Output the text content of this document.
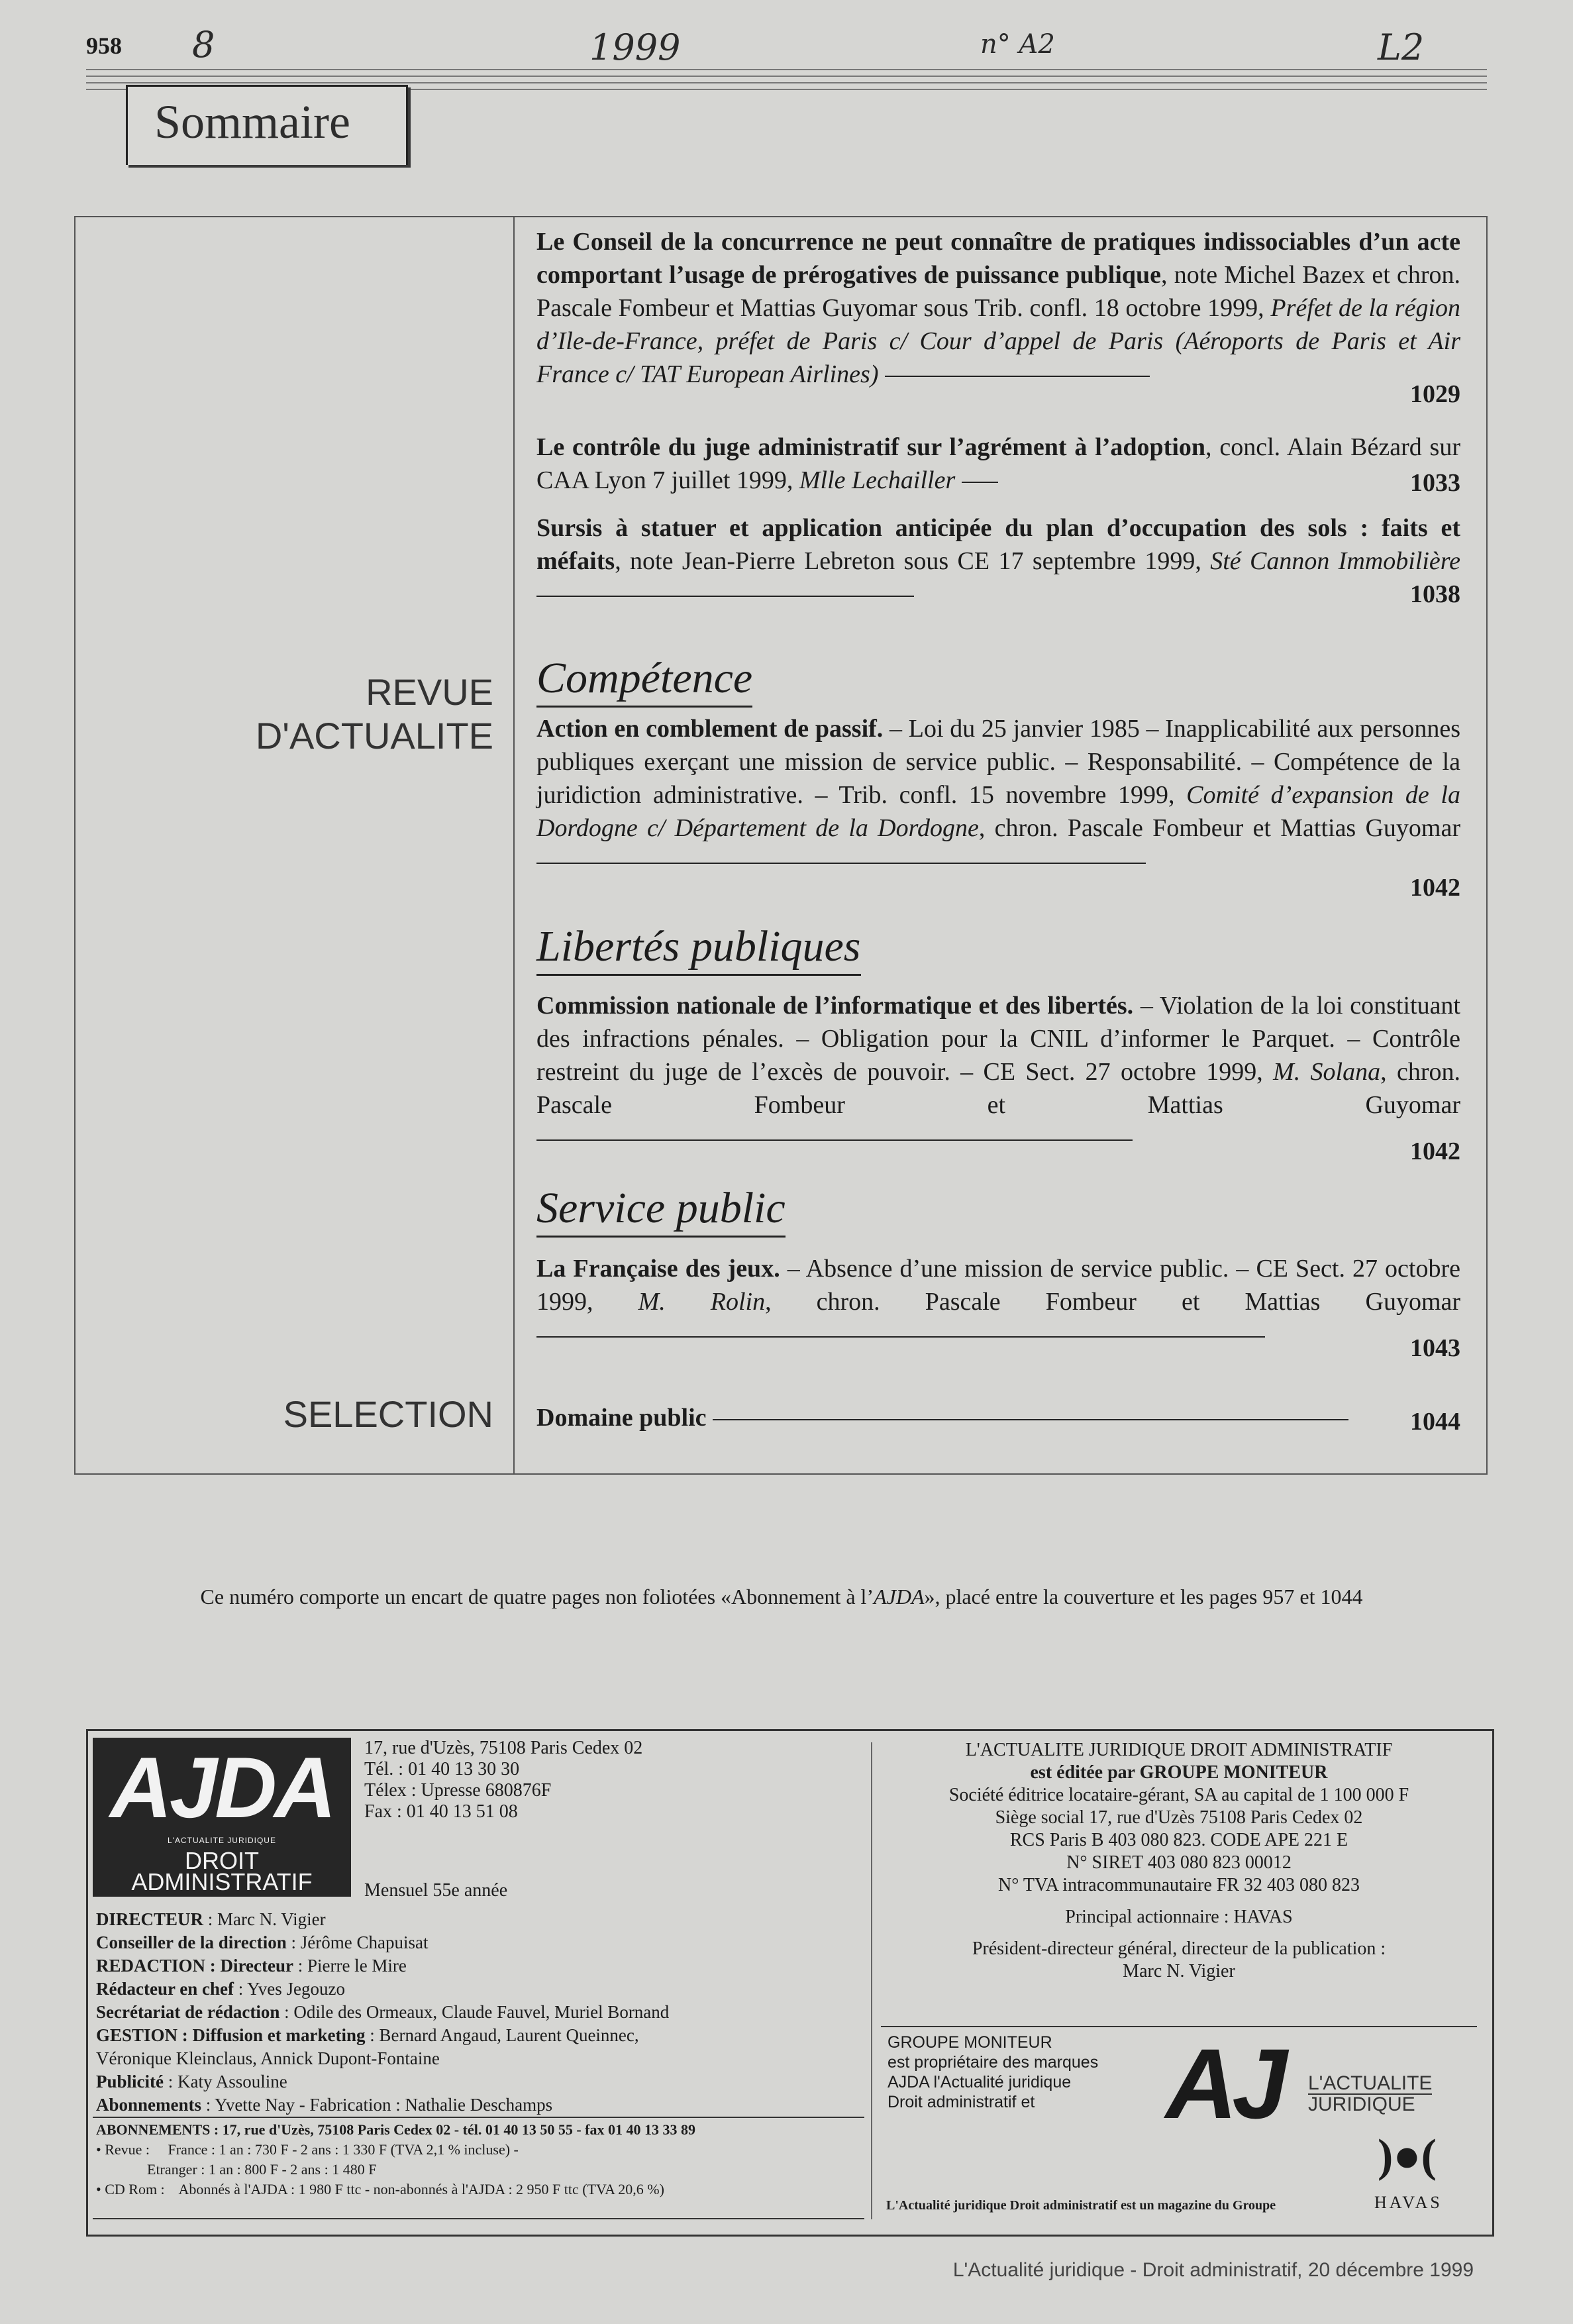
958 8	1999	n° A2	L2
Sommaire
REVUE
D'ACTUALITE
SELECTION
Le Conseil de la concurrence ne peut connaître de pratiques indissociables d’un acte comportant l’usage de prérogatives de puissance publique, note Michel Bazex et chron. Pascale Fombeur et Mattias Guyomar sous Trib. confl. 18 octobre 1999, Préfet de la région d’Ile-de-France, préfet de Paris c/ Cour d’appel de Paris (Aéroports de Paris et Air France c/ TAT European Airlines)
1029
Le contrôle du juge administratif sur l’agrément à l’adoption, concl. Alain Bézard sur CAA Lyon 7 juillet 1999, Mlle Lechailler	1033
Sursis à statuer et application anticipée du plan d’occupation des sols : faits et méfaits, note Jean-Pierre Lebreton sous CE 17 septembre 1999, Sté Cannon Immobilière
1038
Compétence
Action en comblement de passif. – Loi du 25 janvier 1985 – Inapplicabilité aux personnes publiques exerçant une mission de service public. – Responsabilité. – Compétence de la juridiction administrative. – Trib. confl. 15 novembre 1999, Comité d’expansion de la Dordogne c/ Département de la Dordogne, chron. Pascale Fombeur et Mattias Guyomar
1042
Libertés publiques
Commission nationale de l’informatique et des libertés. – Violation de la loi constituant des infractions pénales. – Obligation pour la CNIL d’informer le Parquet. – Contrôle restreint du juge de l’excès de pouvoir. – CE Sect. 27 octobre 1999, M. Solana, chron. Pascale Fombeur et Mattias Guyomar
1042
Service public
La Française des jeux. – Absence d’une mission de service public. – CE Sect. 27 octobre 1999, M. Rolin, chron. Pascale Fombeur et Mattias Guyomar
1043
Domaine public	1044
Ce numéro comporte un encart de quatre pages non foliotées «Abonnement à l’AJDA», placé entre la couverture et les pages 957 et 1044
AJDA
L'ACTUALITE JURIDIQUE
DROIT
ADMINISTRATIF
17, rue d'Uzès, 75108 Paris Cedex 02
Tél. : 01 40 13 30 30
Télex : Upresse 680876F
Fax : 01 40 13 51 08
Mensuel 55e année
DIRECTEUR : Marc N. Vigier
Conseiller de la direction : Jérôme Chapuisat
REDACTION : Directeur : Pierre le Mire
Rédacteur en chef : Yves Jegouzo
Secrétariat de rédaction : Odile des Ormeaux, Claude Fauvel, Muriel Bornand
GESTION : Diffusion et marketing : Bernard Angaud, Laurent Queinnec,
Véronique Kleinclaus, Annick Dupont-Fontaine
Publicité : Katy Assouline
Abonnements : Yvette Nay - Fabrication : Nathalie Deschamps
ABONNEMENTS : 17, rue d'Uzès, 75108 Paris Cedex 02 - tél. 01 40 13 50 55 - fax 01 40 13 33 89
• Revue :     France : 1 an : 730 F - 2 ans : 1 330 F (TVA 2,1 % incluse) -
Etranger : 1 an : 800 F - 2 ans : 1 480 F
• CD Rom :    Abonnés à l'AJDA : 1 980 F ttc - non-abonnés à l'AJDA : 2 950 F ttc (TVA 20,6 %)
L'ACTUALITE JURIDIQUE DROIT ADMINISTRATIF
est éditée par GROUPE MONITEUR
Société éditrice locataire-gérant, SA au capital de 1 100 000 F
Siège social 17, rue d'Uzès 75108 Paris Cedex 02
RCS Paris B 403 080 823. CODE APE 221 E
N° SIRET 403 080 823 00012
N° TVA intracommunautaire FR 32 403 080 823
Principal actionnaire : HAVAS
Président-directeur général, directeur de la publication :
Marc N. Vigier
GROUPE MONITEUR
est propriétaire des marques
AJDA l'Actualité juridique
Droit administratif et	AJ L'ACTUALITE
JURIDIQUE
)●(
HAVAS
L'Actualité juridique Droit administratif est un magazine du Groupe
L'Actualité juridique - Droit administratif, 20 décembre 1999
